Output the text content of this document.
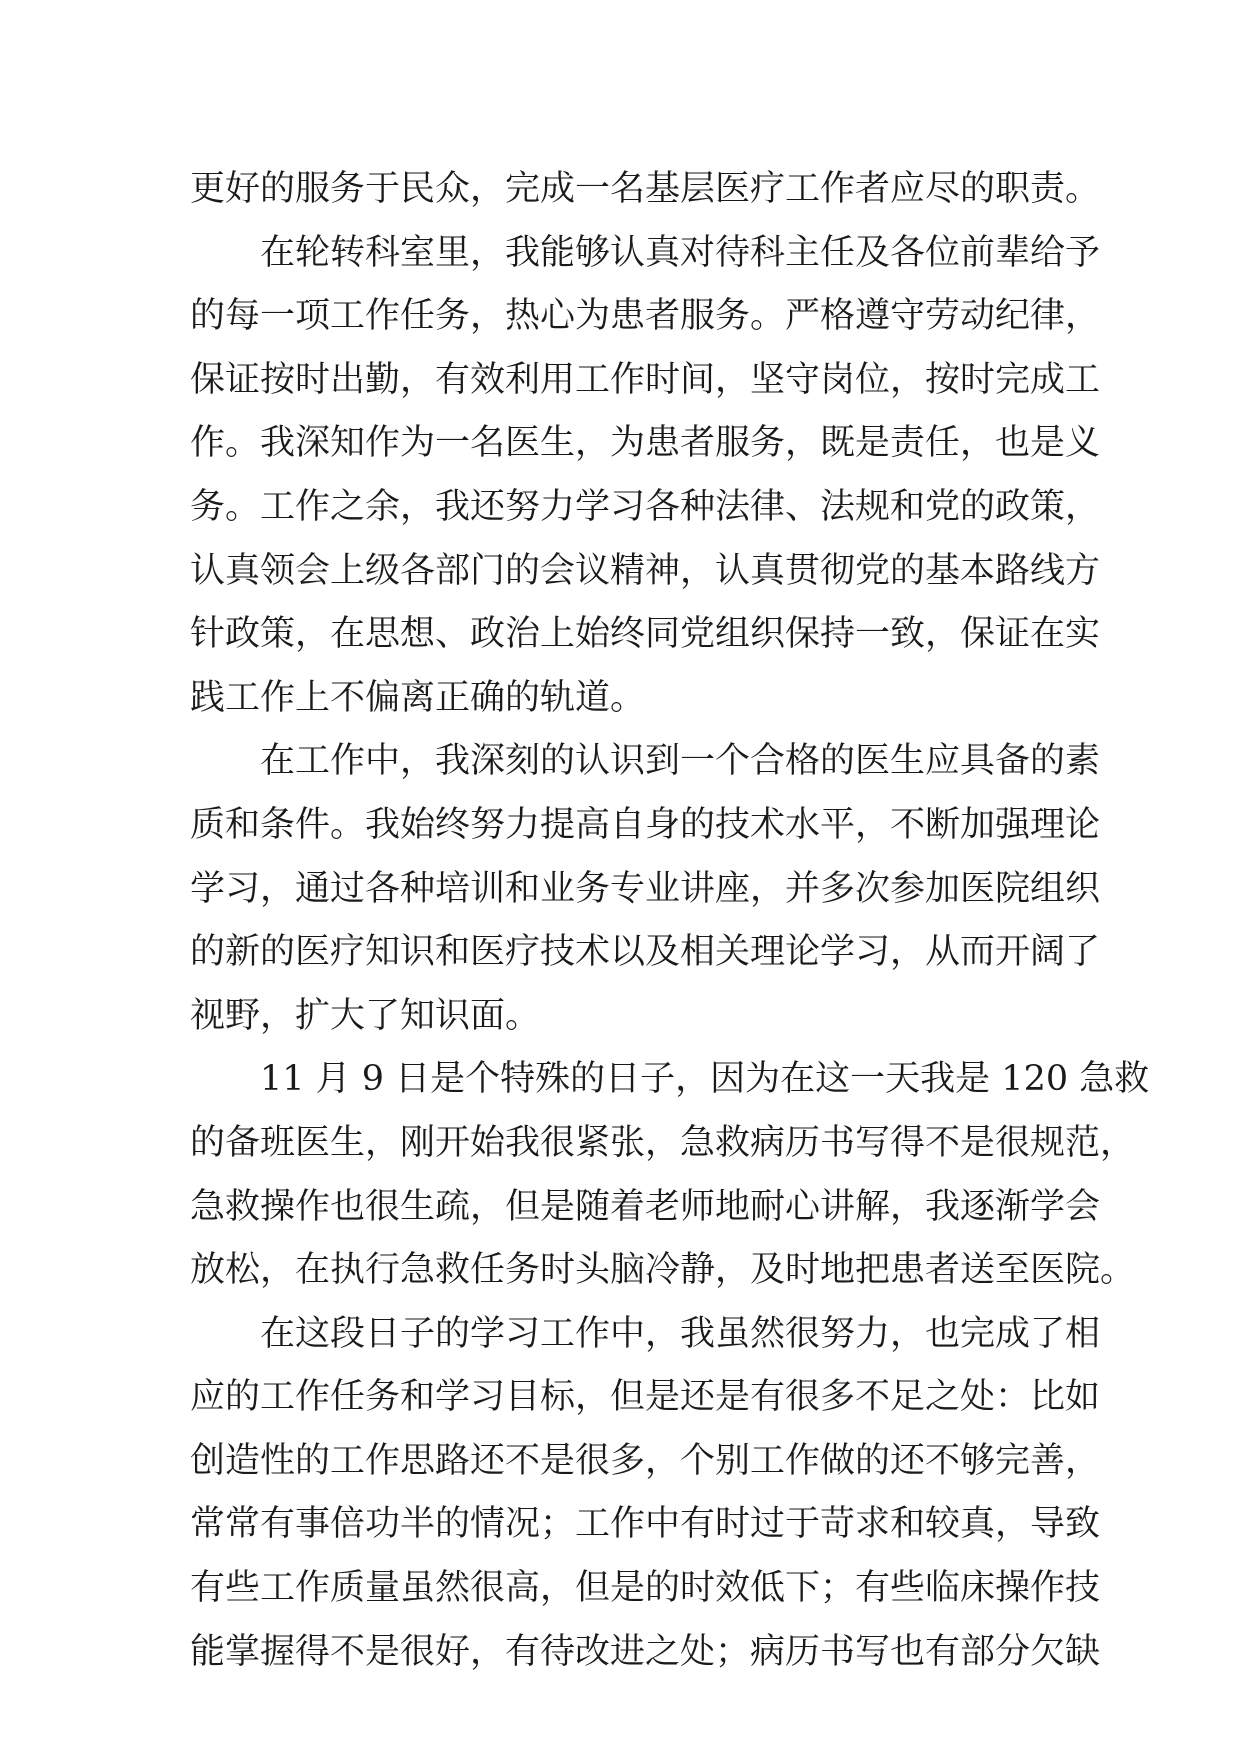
更好的服务于民众，完成一名基层医疗工作者应尽的职责。
在轮转科室里，我能够认真对待科主任及各位前辈给予
的每一项工作任务，热心为患者服务。严格遵守劳动纪律，
保证按时出勤，有效利用工作时间，坚守岗位，按时完成工
作。我深知作为一名医生，为患者服务，既是责任，也是义
务。工作之余，我还努力学习各种法律、法规和党的政策，
认真领会上级各部门的会议精神，认真贯彻党的基本路线方
针政策，在思想、政治上始终同党组织保持一致，保证在实
践工作上不偏离正确的轨道。
在工作中，我深刻的认识到一个合格的医生应具备的素
质和条件。我始终努力提高自身的技术水平，不断加强理论
学习，通过各种培训和业务专业讲座，并多次参加医院组织
的新的医疗知识和医疗技术以及相关理论学习，从而开阔了
视野，扩大了知识面。
11 月 9 日是个特殊的日子，因为在这一天我是 120 急救
的备班医生，刚开始我很紧张，急救病历书写得不是很规范，
急救操作也很生疏，但是随着老师地耐心讲解，我逐渐学会
放松，在执行急救任务时头脑冷静，及时地把患者送至医院。
在这段日子的学习工作中，我虽然很努力，也完成了相
应的工作任务和学习目标，但是还是有很多不足之处：比如
创造性的工作思路还不是很多，个别工作做的还不够完善，
常常有事倍功半的情况；工作中有时过于苛求和较真，导致
有些工作质量虽然很高，但是的时效低下；有些临床操作技
能掌握得不是很好，有待改进之处；病历书写也有部分欠缺
